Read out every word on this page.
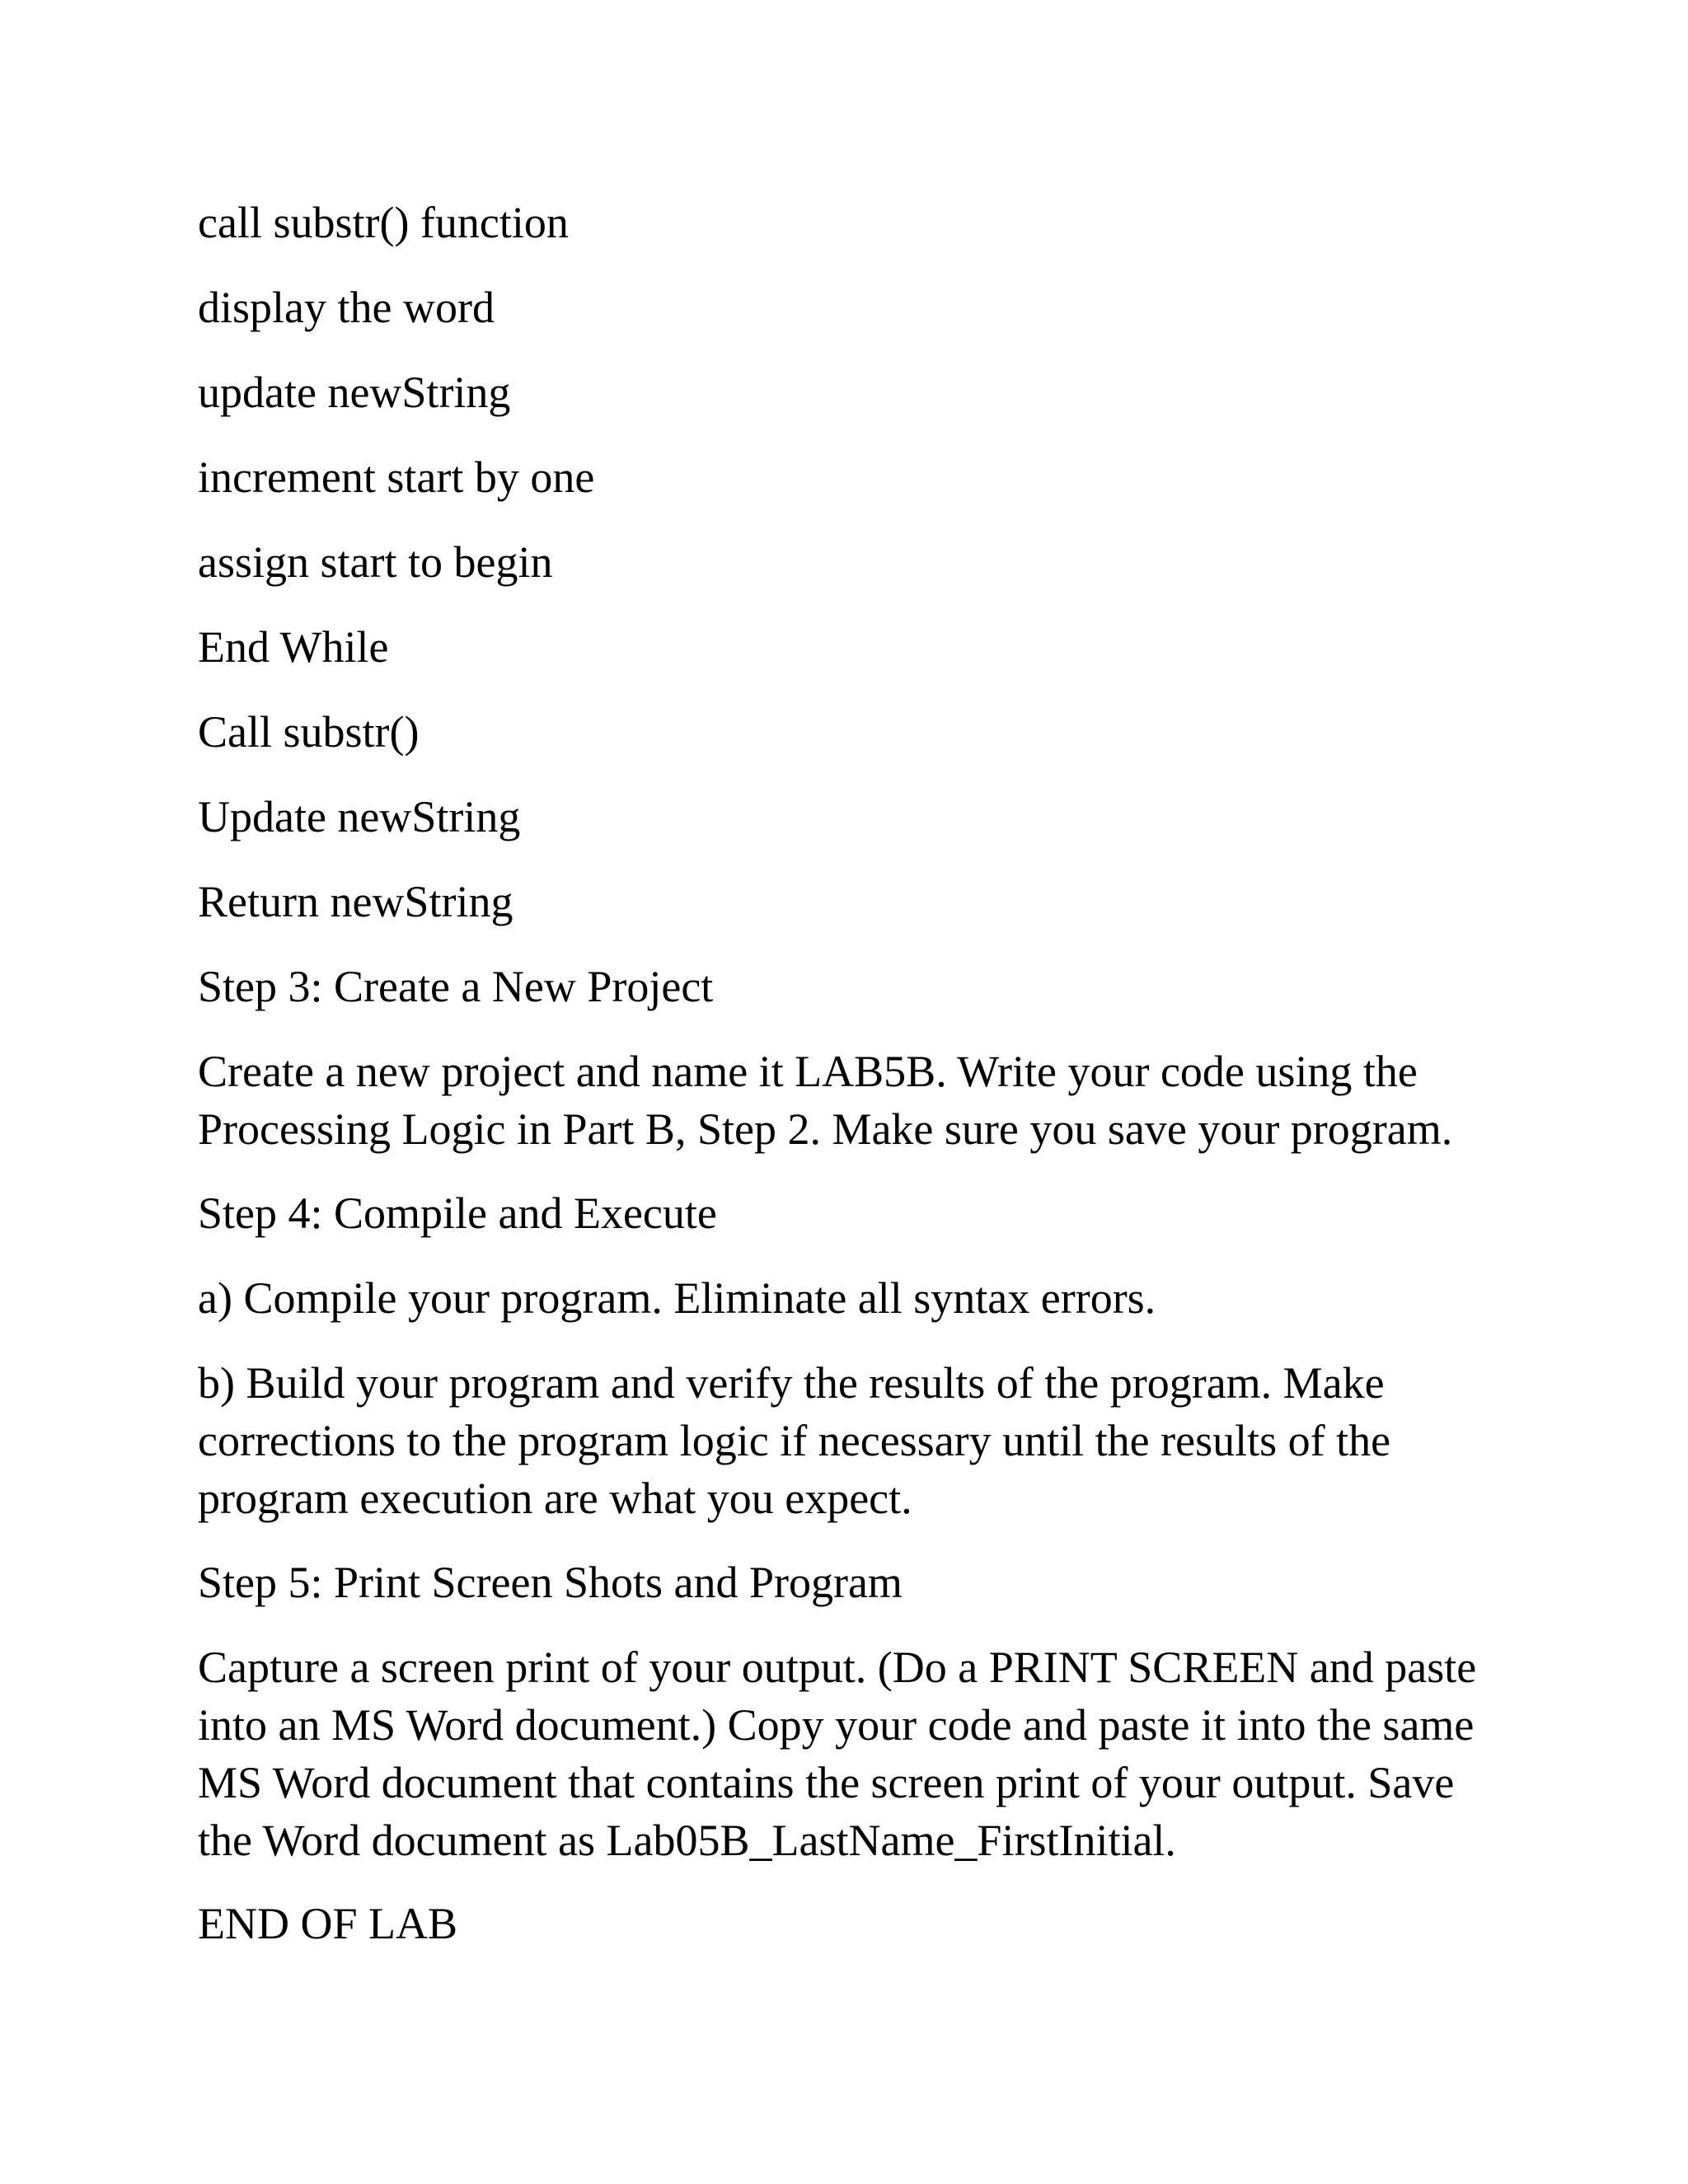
call substr() function
display the word
update newString
increment start by one
assign start to begin
End While
Call substr()
Update newString
Return newString
Step 3: Create a New Project
Create a new project and name it LAB5B. Write your code using the
Processing Logic in Part B, Step 2. Make sure you save your program.
Step 4: Compile and Execute
a) Compile your program. Eliminate all syntax errors.
b) Build your program and verify the results of the program. Make
corrections to the program logic if necessary until the results of the
program execution are what you expect.
Step 5: Print Screen Shots and Program
Capture a screen print of your output. (Do a PRINT SCREEN and paste
into an MS Word document.) Copy your code and paste it into the same
MS Word document that contains the screen print of your output. Save
the Word document as Lab05B_LastName_FirstInitial.
END OF LAB
